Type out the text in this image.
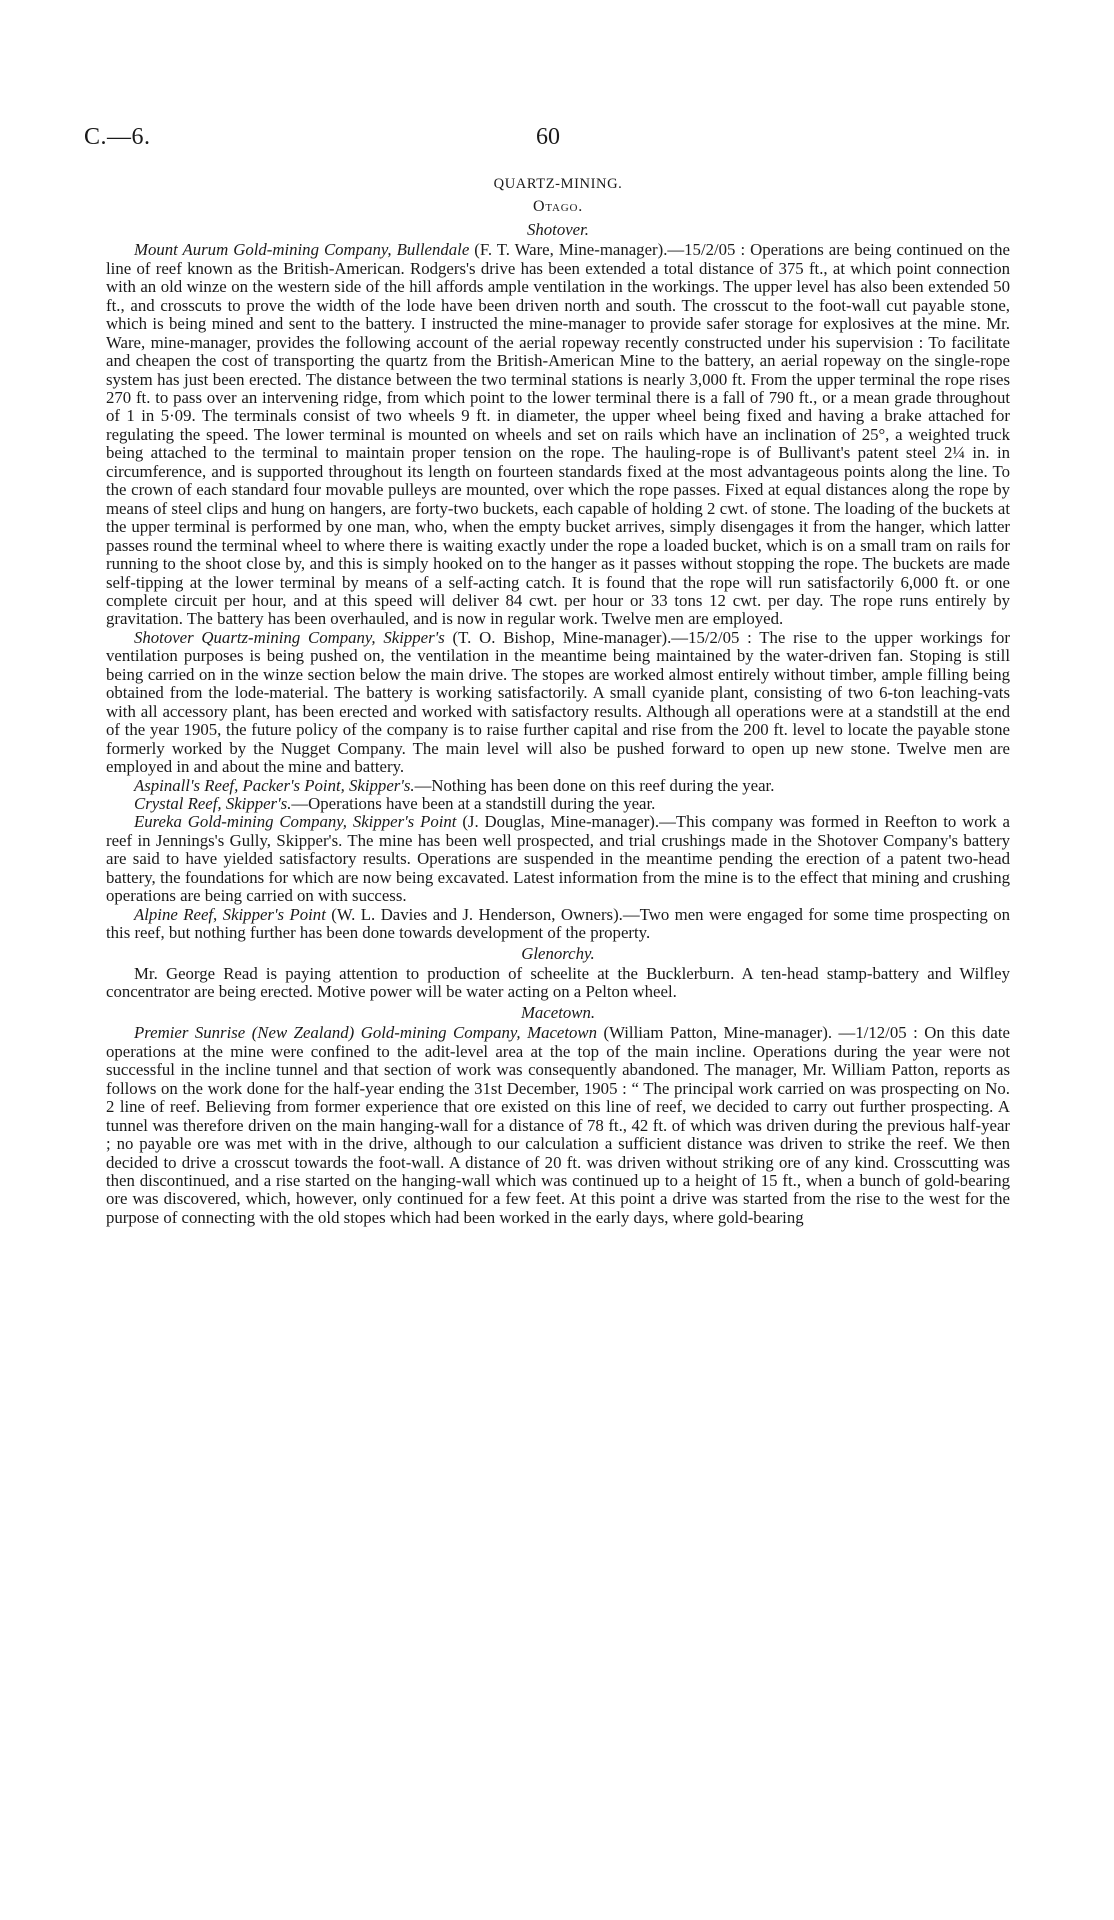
C.—6.	60
QUARTZ-MINING.
Otago.
Shotover.

Mount Aurum Gold-mining Company, Bullendale (F. T. Ware, Mine-manager).—15/2/05 : Operations are being continued on the line of reef known as the British-American. Rodgers's drive has been extended a total distance of 375 ft., at which point connection with an old winze on the western side of the hill affords ample ventilation in the workings. The upper level has also been extended 50 ft., and crosscuts to prove the width of the lode have been driven north and south. The crosscut to the foot-wall cut payable stone, which is being mined and sent to the battery. I instructed the mine-manager to provide safer storage for explosives at the mine. Mr. Ware, mine-manager, provides the following account of the aerial ropeway recently constructed under his supervision : To facilitate and cheapen the cost of transporting the quartz from the British-American Mine to the battery, an aerial ropeway on the single-rope system has just been erected. The distance between the two terminal stations is nearly 3,000 ft. From the upper terminal the rope rises 270 ft. to pass over an intervening ridge, from which point to the lower terminal there is a fall of 790 ft., or a mean grade throughout of 1 in 5·09. The terminals consist of two wheels 9 ft. in diameter, the upper wheel being fixed and having a brake attached for regulating the speed. The lower terminal is mounted on wheels and set on rails which have an inclination of 25°, a weighted truck being attached to the terminal to maintain proper tension on the rope. The hauling-rope is of Bullivant's patent steel 2¼ in. in circumference, and is supported throughout its length on fourteen standards fixed at the most advantageous points along the line. To the crown of each standard four movable pulleys are mounted, over which the rope passes. Fixed at equal distances along the rope by means of steel clips and hung on hangers, are forty-two buckets, each capable of holding 2 cwt. of stone. The loading of the buckets at the upper terminal is performed by one man, who, when the empty bucket arrives, simply disengages it from the hanger, which latter passes round the terminal wheel to where there is waiting exactly under the rope a loaded bucket, which is on a small tram on rails for running to the shoot close by, and this is simply hooked on to the hanger as it passes without stopping the rope. The buckets are made self-tipping at the lower terminal by means of a self-acting catch. It is found that the rope will run satisfactorily 6,000 ft. or one complete circuit per hour, and at this speed will deliver 84 cwt. per hour or 33 tons 12 cwt. per day. The rope runs entirely by gravitation. The battery has been overhauled, and is now in regular work. Twelve men are employed.

Shotover Quartz-mining Company, Skipper's (T. O. Bishop, Mine-manager).—15/2/05 : The rise to the upper workings for ventilation purposes is being pushed on, the ventilation in the meantime being maintained by the water-driven fan. Stoping is still being carried on in the winze section below the main drive. The stopes are worked almost entirely without timber, ample filling being obtained from the lode-material. The battery is working satisfactorily. A small cyanide plant, consisting of two 6-ton leaching-vats with all accessory plant, has been erected and worked with satisfactory results. Although all operations were at a standstill at the end of the year 1905, the future policy of the company is to raise further capital and rise from the 200 ft. level to locate the payable stone formerly worked by the Nugget Company. The main level will also be pushed forward to open up new stone. Twelve men are employed in and about the mine and battery.

Aspinall's Reef, Packer's Point, Skipper's.—Nothing has been done on this reef during the year.

Crystal Reef, Skipper's.—Operations have been at a standstill during the year.

Eureka Gold-mining Company, Skipper's Point (J. Douglas, Mine-manager).—This company was formed in Reefton to work a reef in Jennings's Gully, Skipper's. The mine has been well prospected, and trial crushings made in the Shotover Company's battery are said to have yielded satisfactory results. Operations are suspended in the meantime pending the erection of a patent two-head battery, the foundations for which are now being excavated. Latest information from the mine is to the effect that mining and crushing operations are being carried on with success.

Alpine Reef, Skipper's Point (W. L. Davies and J. Henderson, Owners).—Two men were engaged for some time prospecting on this reef, but nothing further has been done towards development of the property.

Glenorchy.

Mr. George Read is paying attention to production of scheelite at the Bucklerburn. A ten-head stamp-battery and Wilfley concentrator are being erected. Motive power will be water acting on a Pelton wheel.

Macetown.

Premier Sunrise (New Zealand) Gold-mining Company, Macetown (William Patton, Mine-manager). —1/12/05 : On this date operations at the mine were confined to the adit-level area at the top of the main incline. Operations during the year were not successful in the incline tunnel and that section of work was consequently abandoned. The manager, Mr. William Patton, reports as follows on the work done for the half-year ending the 31st December, 1905 : “ The principal work carried on was prospecting on No. 2 line of reef. Believing from former experience that ore existed on this line of reef, we decided to carry out further prospecting. A tunnel was therefore driven on the main hanging-wall for a distance of 78 ft., 42 ft. of which was driven during the previous half-year ; no payable ore was met with in the drive, although to our calculation a sufficient distance was driven to strike the reef. We then decided to drive a crosscut towards the foot-wall. A distance of 20 ft. was driven without striking ore of any kind. Crosscutting was then discontinued, and a rise started on the hanging-wall which was continued up to a height of 15 ft., when a bunch of gold-bearing ore was discovered, which, however, only continued for a few feet. At this point a drive was started from the rise to the west for the purpose of connecting with the old stopes which had been worked in the early days, where gold-bearing
